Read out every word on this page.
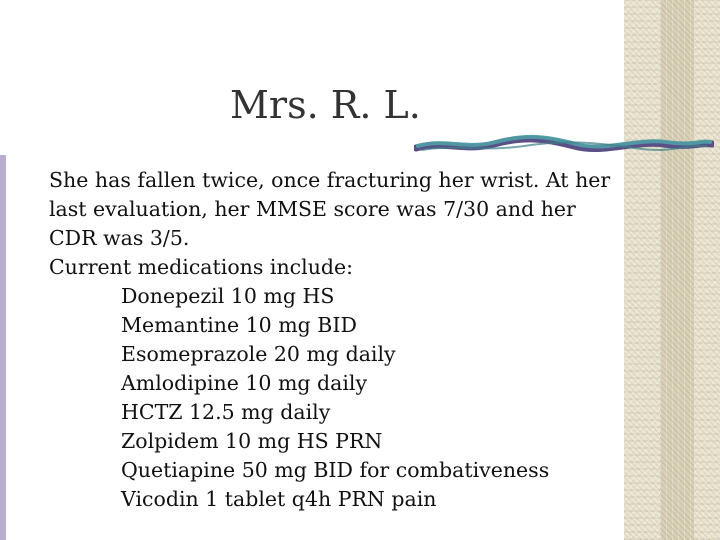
Mrs. R. L.

She has fallen twice, once fracturing her wrist. At her

last evaluation, her MMSE score was 7/30 and her

CDR was 3/5.

Current medications include:

Donepezil 10 mg HS

Memantine 10 mg BID

Esomeprazole 20 mg daily

Amlodipine 10 mg daily

HCTZ 12.5 mg daily

Zolpidem 10 mg HS PRN

Quetiapine 50 mg BID for combativeness

Vicodin 1 tablet q4h PRN pain
